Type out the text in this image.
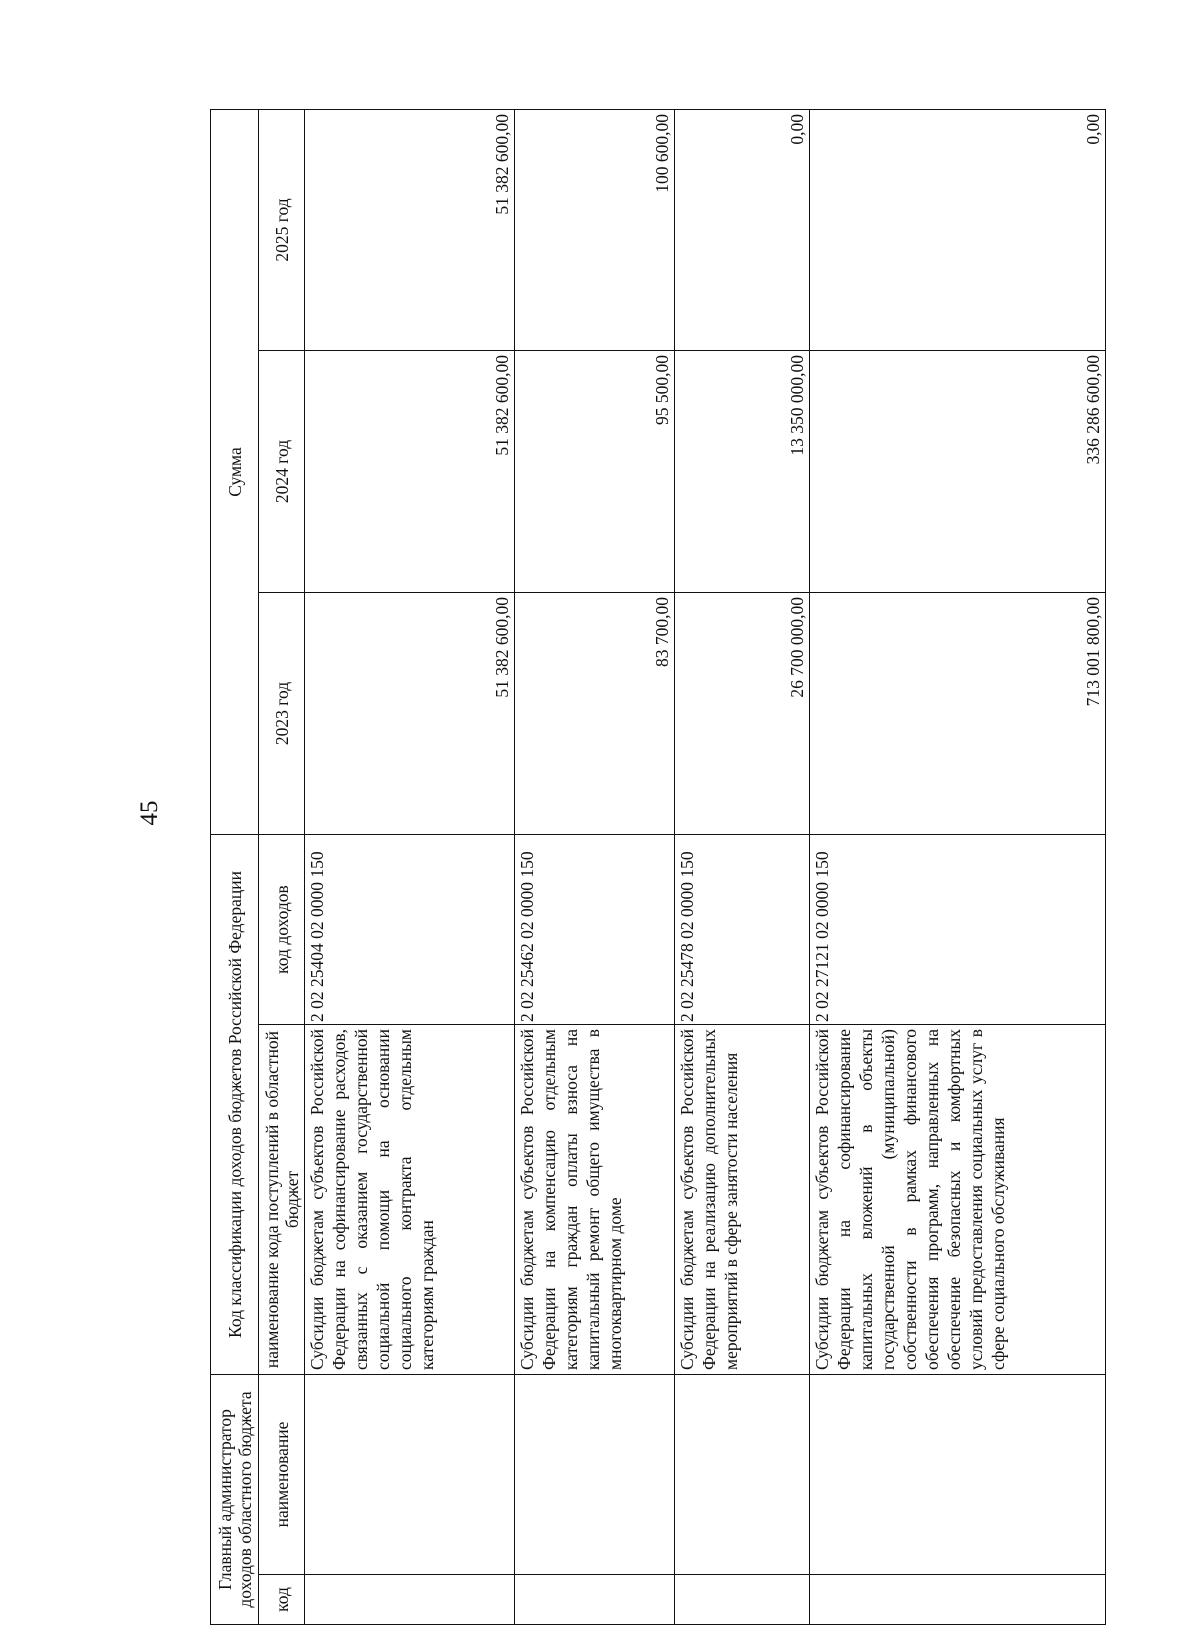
45
Главный администратор доходов областного бюджета		Код классификации доходов бюджетов Российской Федерации		Сумма		
код	наименование	наименование кода поступлений в областной бюджет	код доходов	2023 год	2024 год	2025 год
		Субсидии бюджетам субъектов Российской Федерации на софинансирование расходов, связанных с оказанием государственной социальной помощи на основании социального контракта отдельным категориям граждан	2 02 25404 02 0000 150	51 382 600,00	51 382 600,00	51 382 600,00
		Субсидии бюджетам субъектов Российской Федерации на компенсацию отдельным категориям граждан оплаты взноса на капитальный ремонт общего имущества в многоквартирном доме	2 02 25462 02 0000 150	83 700,00	95 500,00	100 600,00
		Субсидии бюджетам субъектов Российской Федерации на реализацию дополнительных мероприятий в сфере занятости населения	2 02 25478 02 0000 150	26 700 000,00	13 350 000,00	0,00
		Субсидии бюджетам субъектов Российской Федерации на софинансирование капитальных вложений в объекты государственной (муниципальной) собственности в рамках финансового обеспечения программ, направленных на обеспечение безопасных и комфортных условий предоставления социальных услуг в сфере социального обслуживания	2 02 27121 02 0000 150	713 001 800,00	336 286 600,00	0,00
